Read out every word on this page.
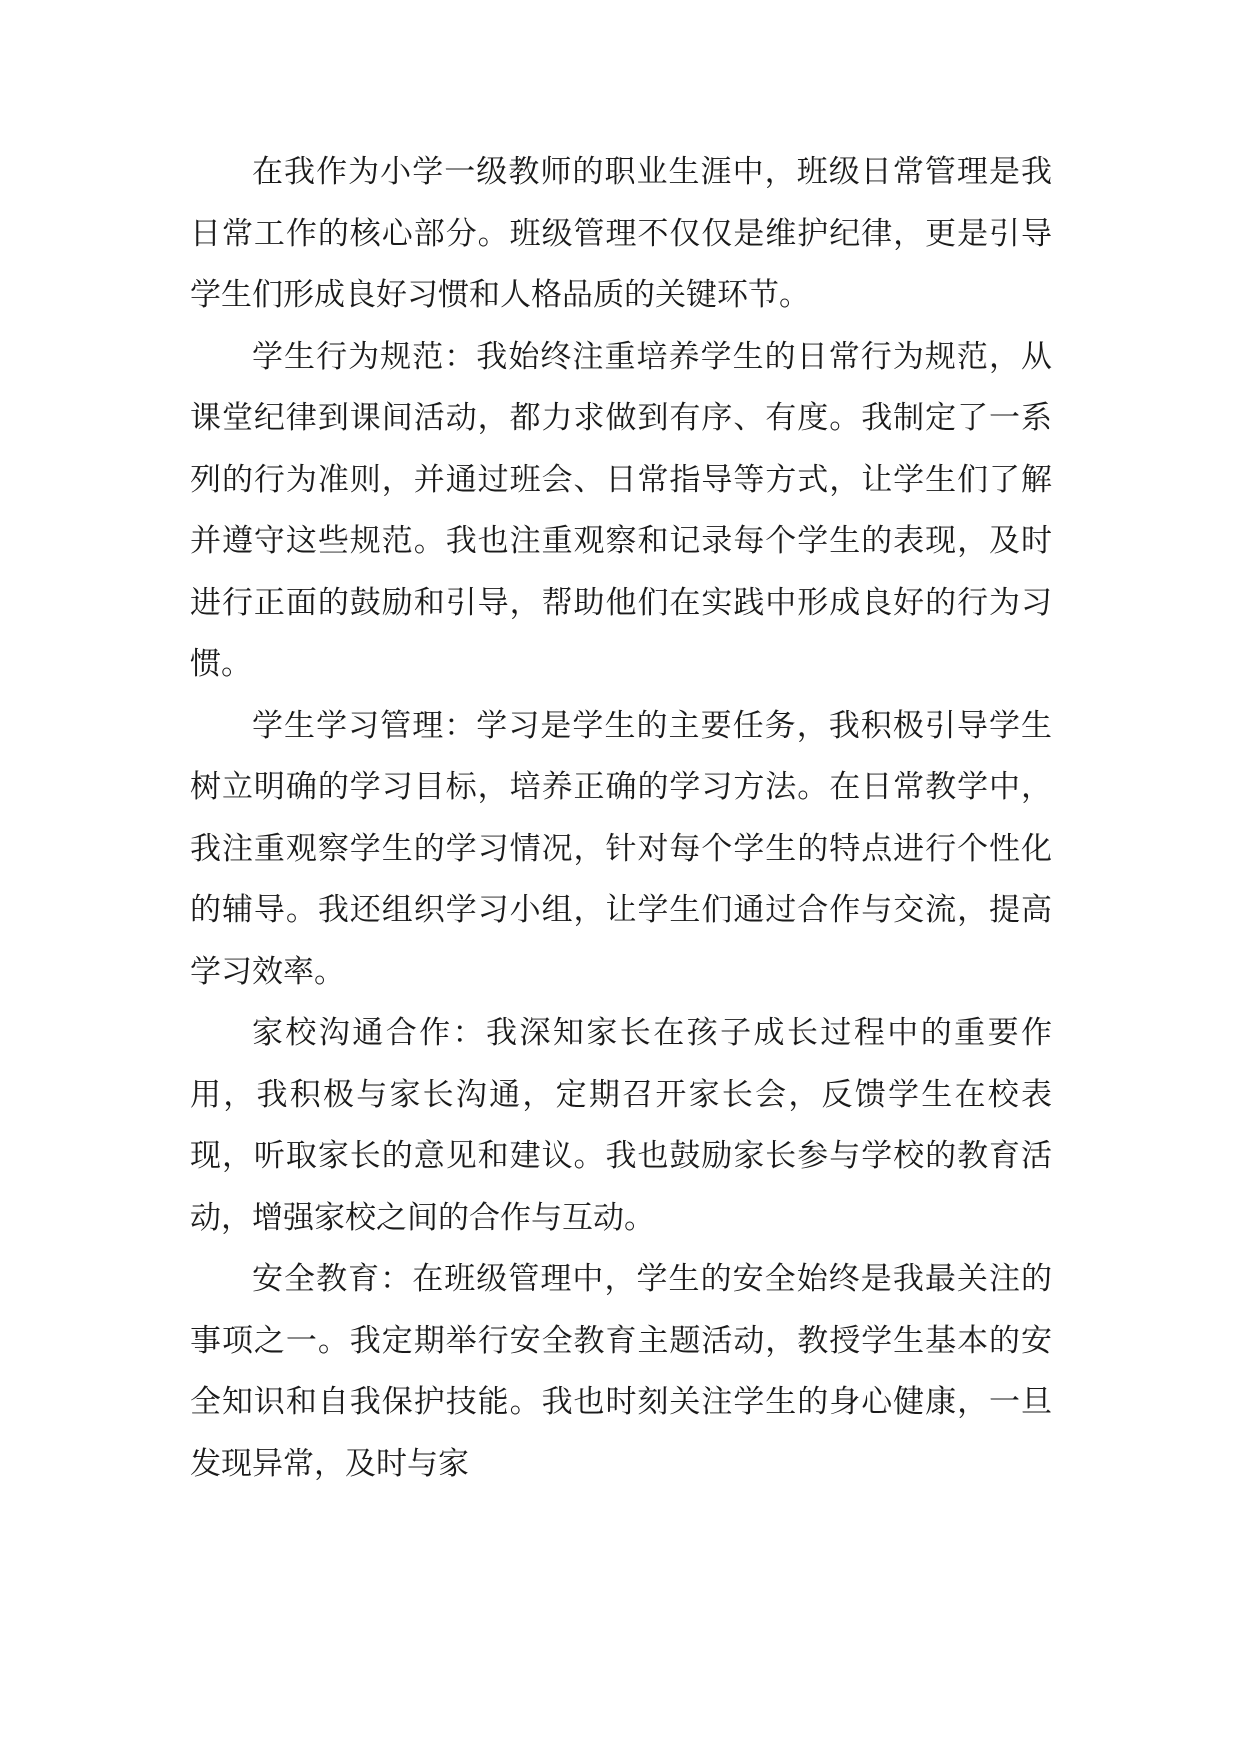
在我作为小学一级教师的职业生涯中，班级日常管理是我日常工作的核心部分。班级管理不仅仅是维护纪律，更是引导学生们形成良好习惯和人格品质的关键环节。

学生行为规范：我始终注重培养学生的日常行为规范，从课堂纪律到课间活动，都力求做到有序、有度。我制定了一系列的行为准则，并通过班会、日常指导等方式，让学生们了解并遵守这些规范。我也注重观察和记录每个学生的表现，及时进行正面的鼓励和引导，帮助他们在实践中形成良好的行为习惯。

学生学习管理：学习是学生的主要任务，我积极引导学生树立明确的学习目标，培养正确的学习方法。在日常教学中，我注重观察学生的学习情况，针对每个学生的特点进行个性化的辅导。我还组织学习小组，让学生们通过合作与交流，提高学习效率。

家校沟通合作：我深知家长在孩子成长过程中的重要作用，我积极与家长沟通，定期召开家长会，反馈学生在校表现，听取家长的意见和建议。我也鼓励家长参与学校的教育活动，增强家校之间的合作与互动。

安全教育：在班级管理中，学生的安全始终是我最关注的事项之一。我定期举行安全教育主题活动，教授学生基本的安全知识和自我保护技能。我也时刻关注学生的身心健康，一旦发现异常，及时与家
